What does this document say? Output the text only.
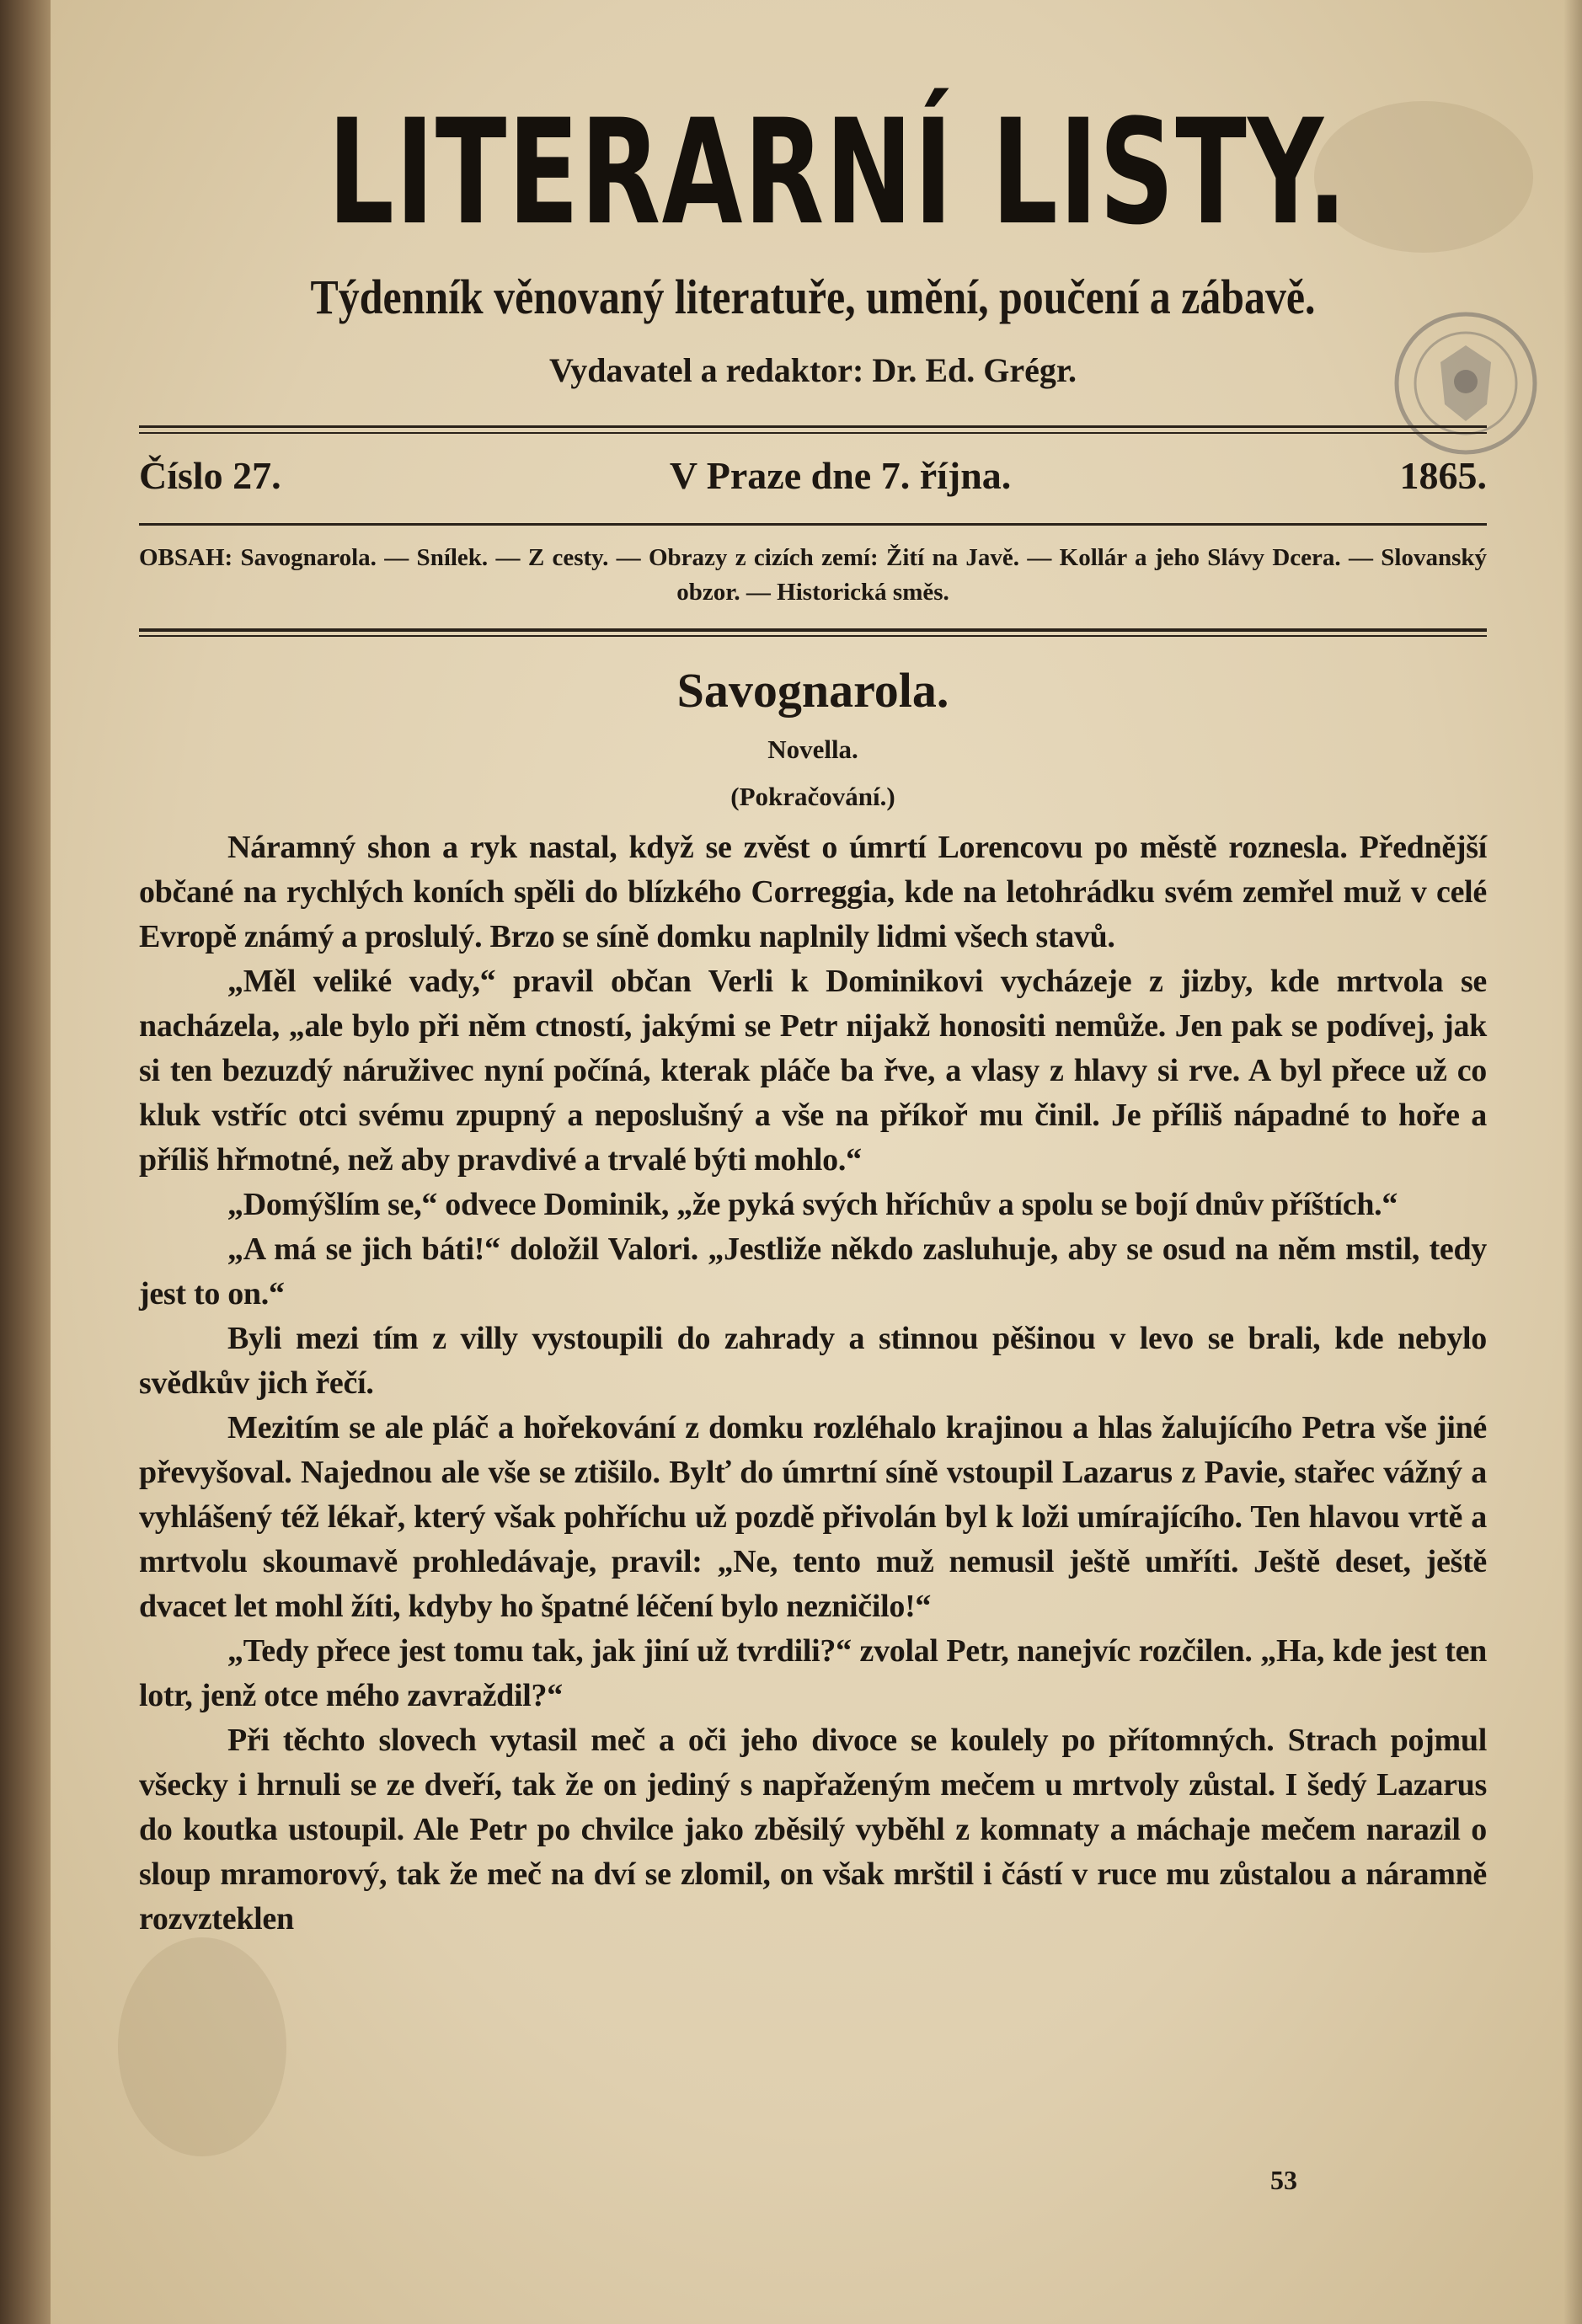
LITERARNÍ LISTY.
Týdenník věnovaný literatuře, umění, poučení a zábavě.
Vydavatel a redaktor: Dr. Ed. Grégr.
Číslo 27.	V Praze dne 7. října.	1865.
OBSAH: Savognarola. — Snílek. — Z cesty. — Obrazy z cizích zemí: Žití na Javě. — Kollár a jeho Slávy Dcera. — Slovanský obzor. — Historická směs.
Savognarola.
Novella.
(Pokračování.)

Náramný shon a ryk nastal, když se zvěst o úmrtí Lorencovu po městě roznesla. Přednější občané na rychlých koních spěli do blízkého Correggia, kde na letohrádku svém zemřel muž v celé Evropě známý a proslulý. Brzo se síně domku naplnily lidmi všech stavů.

„Měl veliké vady,“ pravil občan Verli k Dominikovi vycházeje z jizby, kde mrtvola se nacházela, „ale bylo při něm ctností, jakými se Petr nijakž honositi nemůže. Jen pak se podívej, jak si ten bezuzdý náruživec nyní počíná, kterak pláče ba řve, a vlasy z hlavy si rve. A byl přece už co kluk vstříc otci svému zpupný a neposlušný a vše na příkoř mu činil. Je příliš nápadné to hoře a příliš hřmotné, než aby pravdivé a trvalé býti mohlo.“

„Domýšlím se,“ odvece Dominik, „že pyká svých hříchův a spolu se bojí dnův příštích.“

„A má se jich báti!“ doložil Valori. „Jestliže někdo zasluhuje, aby se osud na něm mstil, tedy jest to on.“

Byli mezi tím z villy vystoupili do zahrady a stinnou pěšinou v levo se brali, kde nebylo svědkův jich řečí.

Mezitím se ale pláč a hořekování z domku rozléhalo krajinou a hlas žalujícího Petra vše jiné převyšoval. Najednou ale vše se ztišilo. Bylť do úmrtní síně vstoupil Lazarus z Pavie, stařec vážný a vyhlášený též lékař, který však pohříchu už pozdě přivolán byl k loži umírajícího. Ten hlavou vrtě a mrtvolu skoumavě prohledávaje, pravil: „Ne, tento muž nemusil ještě umříti. Ještě deset, ještě dvacet let mohl žíti, kdyby ho špatné léčení bylo nezničilo!“

„Tedy přece jest tomu tak, jak jiní už tvrdili?“ zvolal Petr, nanejvíc rozčilen. „Ha, kde jest ten lotr, jenž otce mého zavraždil?“

Při těchto slovech vytasil meč a oči jeho divoce se koulely po přítomných. Strach pojmul všecky i hrnuli se ze dveří, tak že on jediný s napřaženým mečem u mrtvoly zůstal. I šedý Lazarus do koutka ustoupil. Ale Petr po chvilce jako zběsilý vyběhl z komnaty a máchaje mečem narazil o sloup mramorový, tak že meč na dví se zlomil, on však mrštil i částí v ruce mu zůstalou a náramně rozvzteklen

53
